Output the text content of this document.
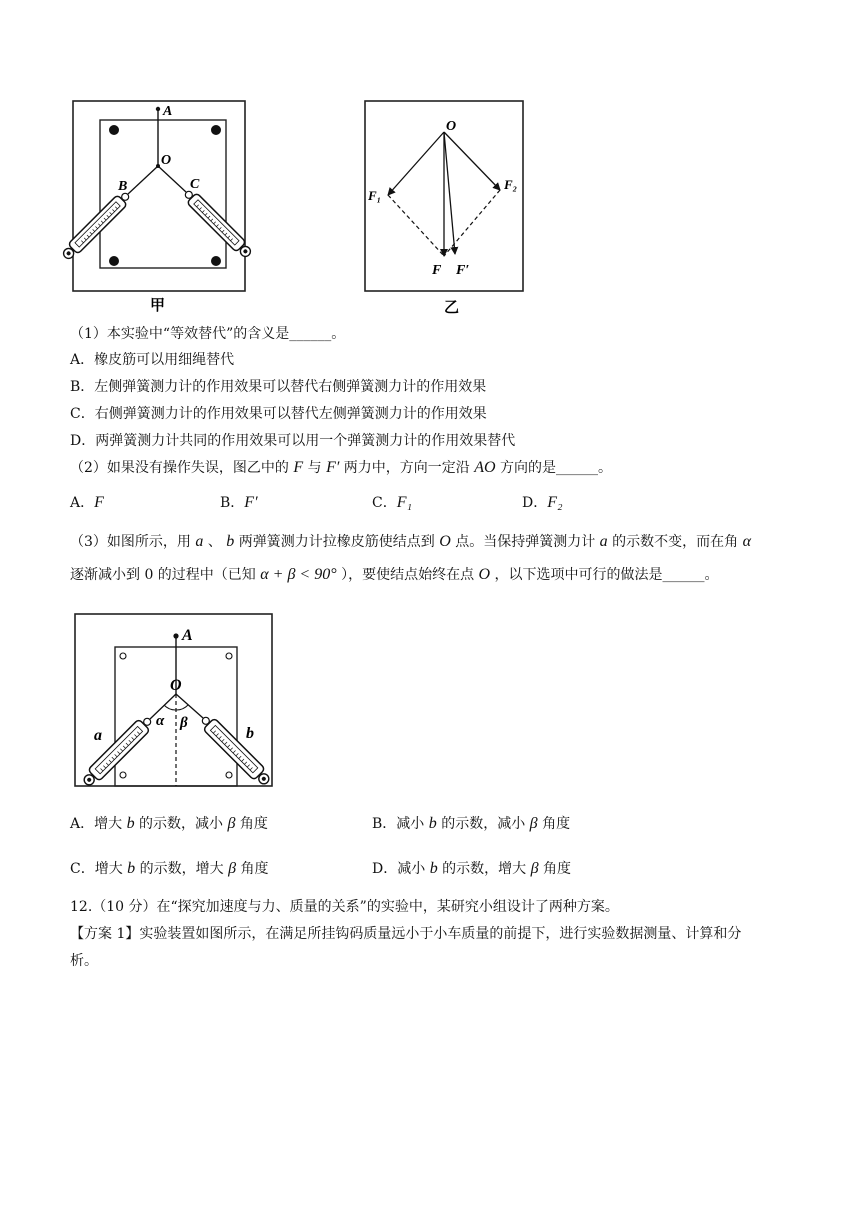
A
O
B	C
甲
O
F₁
F₂
F F′
乙
（1）本实验中“等效替代”的含义是______。
A．橡皮筋可以用细绳替代
B．左侧弹簧测力计的作用效果可以替代右侧弹簧测力计的作用效果
C．右侧弹簧测力计的作用效果可以替代左侧弹簧测力计的作用效果
D．两弹簧测力计共同的作用效果可以用一个弹簧测力计的作用效果替代
（2）如果没有操作失误，图乙中的 F 与 F′ 两力中，方向一定沿 AO 方向的是______。
A．F	B．F′	C．F₁	D．F₂
（3）如图所示，用 a 、 b 两弹簧测力计拉橡皮筋使结点到 O 点。当保持弹簧测力计 a 的示数不变，而在角 α
逐渐减小到 0 的过程中（已知 α + β < 90° ），要使结点始终在点 O ，以下选项中可行的做法是______。
A
O
α β
a	b
A．增大 b 的示数，减小 β 角度	B．减小 b 的示数，减小 β 角度
C．增大 b 的示数，增大 β 角度	D．减小 b 的示数，增大 β 角度
12.（10 分）在“探究加速度与力、质量的关系”的实验中，某研究小组设计了两种方案。
【方案 1】实验装置如图所示，在满足所挂钩码质量远小于小车质量的前提下，进行实验数据测量、计算和分
析。
